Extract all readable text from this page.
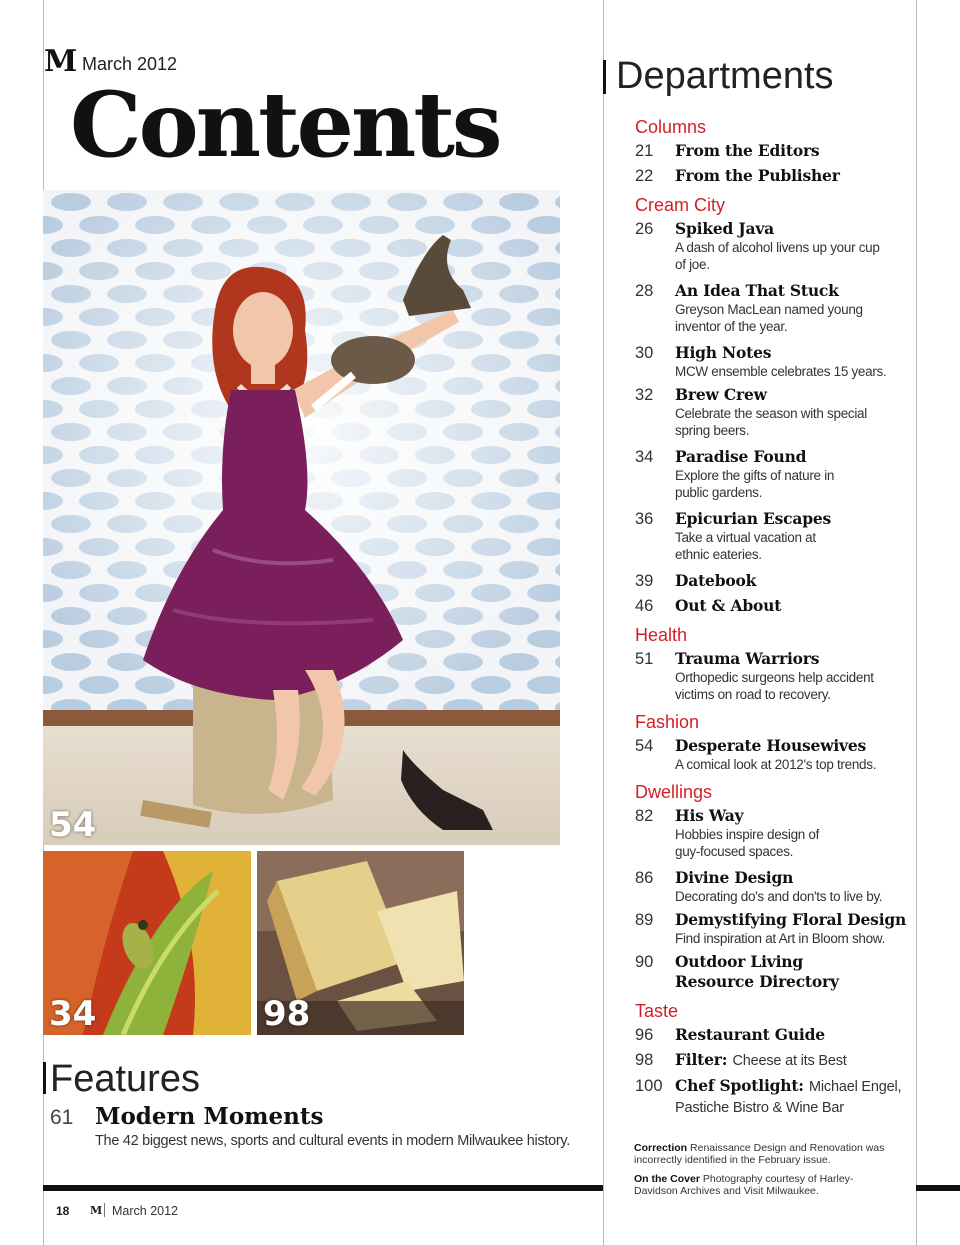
M March 2012
Contents
54
34	98
Features
61 Modern Moments
The 42 biggest news, sports and cultural events in modern Milwaukee history.
18 M March 2012
Departments
Columns
21	From the Editors
22	From the Publisher
Cream City
26	Spiked Java
A dash of alcohol livens up your cup of joe.
28	An Idea That Stuck
Greyson MacLean named young inventor of the year.
30	High Notes
MCW ensemble celebrates 15 years.
32	Brew Crew
Celebrate the season with special spring beers.
34	Paradise Found
Explore the gifts of nature in public gardens.
36	Epicurian Escapes
Take a virtual vacation at ethnic eateries.
39	Datebook
46	Out & About
Health
51	Trauma Warriors
Orthopedic surgeons help accident victims on road to recovery.
Fashion
54	Desperate Housewives
A comical look at 2012's top trends.
Dwellings
82	His Way
Hobbies inspire design of guy-focused spaces.
86	Divine Design
Decorating do's and don'ts to live by.
89	Demystifying Floral Design
Find inspiration at Art in Bloom show.
90	Outdoor Living Resource Directory
Taste
96	Restaurant Guide
98	Filter: Cheese at its Best
100 Chef Spotlight: Michael Engel, Pastiche Bistro & Wine Bar
Correction Renaissance Design and Renovation was incorrectly identified in the February issue.
On the Cover Photography courtesy of Harley-Davidson Archives and Visit Milwaukee.
